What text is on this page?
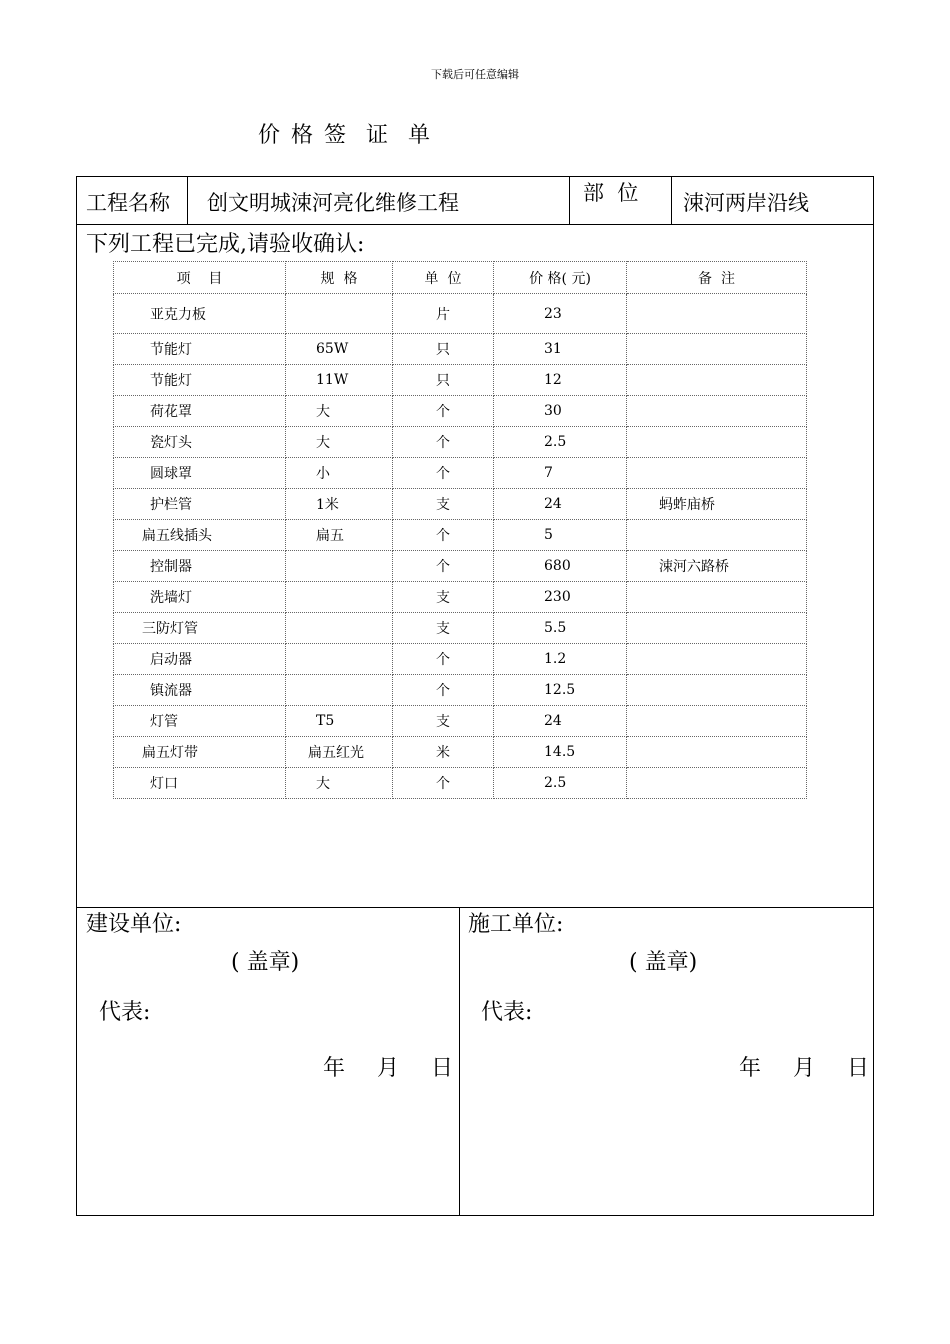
下载后可任意编辑
价 格 签  证  单
工程名称 创文明城涑河亮化维修工程	部  位 涑河两岸沿线
下列工程已完成,请验收确认:
项    目	规  格	单  位	价 格( 元)	备  注
亚克力板		片	23	
节能灯	65W	只	31	
节能灯	11W	只	12	
荷花罩	大	个	30	
瓷灯头	大	个	2.5	
圆球罩	小	个	7	
护栏管	1米	支	24	蚂蚱庙桥
扁五线插头	扁五	个	5	
控制器		个	680	涑河六路桥
洗墙灯		支	230	
三防灯管		支	5.5	
启动器		个	1.2	
镇流器		个	12.5	
灯管	T5	支	24	
扁五灯带	扁五红光	米	14.5	
灯口	大	个	2.5	
建设单位:
( 盖章)
代表:
年  月  日
施工单位:
( 盖章)
代表:
年  月  日
